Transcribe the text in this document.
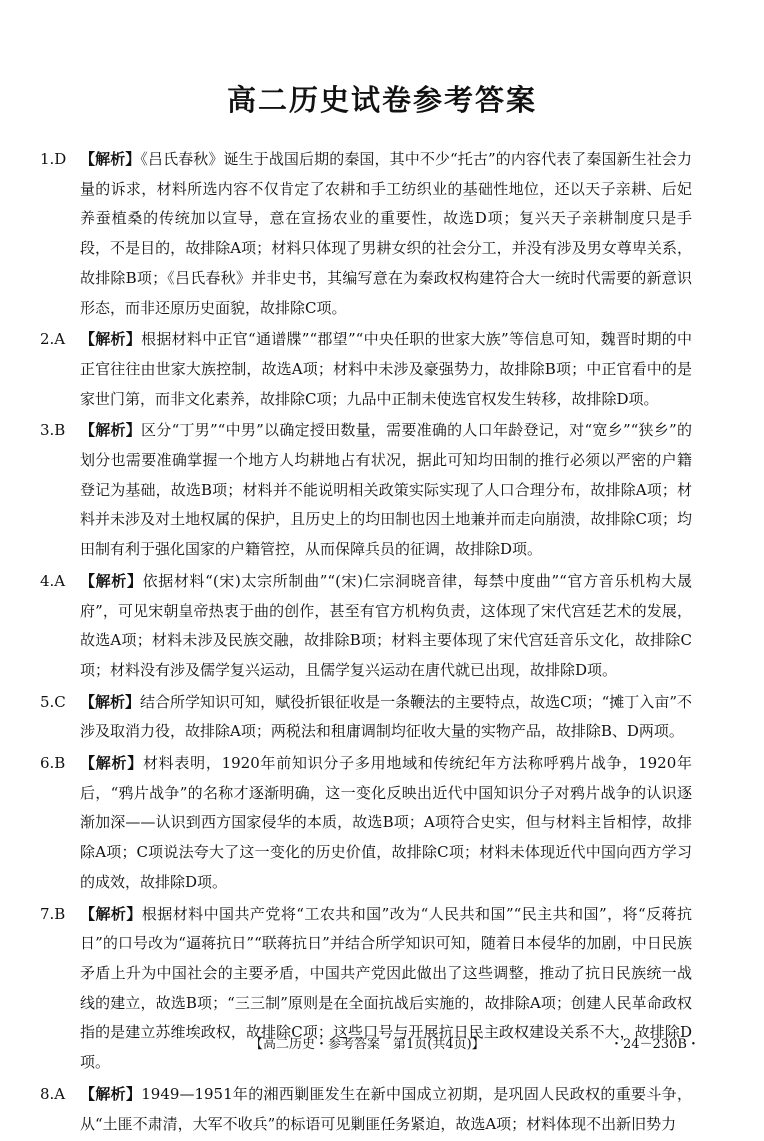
高二历史试卷参考答案
1.D 【解析】《吕氏春秋》诞生于战国后期的秦国，其中不少“托古”的内容代表了秦国新生社会力量的诉求，材料所选内容不仅肯定了农耕和手工纺织业的基础性地位，还以天子亲耕、后妃养蚕植桑的传统加以宣导，意在宣扬农业的重要性，故选D项；复兴天子亲耕制度只是手段，不是目的，故排除A项；材料只体现了男耕女织的社会分工，并没有涉及男女尊卑关系，故排除B项；《吕氏春秋》并非史书，其编写意在为秦政权构建符合大一统时代需要的新意识形态，而非还原历史面貌，故排除C项。
2.A 【解析】根据材料中正官“通谱牒”“郡望”“中央任职的世家大族”等信息可知，魏晋时期的中正官往往由世家大族控制，故选A项；材料中未涉及豪强势力，故排除B项；中正官看中的是家世门第，而非文化素养，故排除C项；九品中正制未使选官权发生转移，故排除D项。
3.B 【解析】区分“丁男”“中男”以确定授田数量，需要准确的人口年龄登记，对“宽乡”“狭乡”的划分也需要准确掌握一个地方人均耕地占有状况，据此可知均田制的推行必须以严密的户籍登记为基础，故选B项；材料并不能说明相关政策实际实现了人口合理分布，故排除A项；材料并未涉及对土地权属的保护，且历史上的均田制也因土地兼并而走向崩溃，故排除C项；均田制有利于强化国家的户籍管控，从而保障兵员的征调，故排除D项。
4.A 【解析】依据材料“(宋)太宗所制曲”“(宋)仁宗洞晓音律，每禁中度曲”“官方音乐机构大晟府”，可见宋朝皇帝热衷于曲的创作，甚至有官方机构负责，这体现了宋代宫廷艺术的发展，故选A项；材料未涉及民族交融，故排除B项；材料主要体现了宋代宫廷音乐文化，故排除C项；材料没有涉及儒学复兴运动，且儒学复兴运动在唐代就已出现，故排除D项。
5.C 【解析】结合所学知识可知，赋役折银征收是一条鞭法的主要特点，故选C项；“摊丁入亩”不涉及取消力役，故排除A项；两税法和租庸调制均征收大量的实物产品，故排除B、D两项。
6.B 【解析】材料表明，1920年前知识分子多用地域和传统纪年方法称呼鸦片战争，1920年后，“鸦片战争”的名称才逐渐明确，这一变化反映出近代中国知识分子对鸦片战争的认识逐渐加深——认识到西方国家侵华的本质，故选B项；A项符合史实，但与材料主旨相悖，故排除A项；C项说法夸大了这一变化的历史价值，故排除C项；材料未体现近代中国向西方学习的成效，故排除D项。
7.B 【解析】根据材料中国共产党将“工农共和国”改为“人民共和国”“民主共和国”，将“反蒋抗日”的口号改为“逼蒋抗日”“联蒋抗日”并结合所学知识可知，随着日本侵华的加剧，中日民族矛盾上升为中国社会的主要矛盾，中国共产党因此做出了这些调整，推动了抗日民族统一战线的建立，故选B项；“三三制”原则是在全面抗战后实施的，故排除A项；创建人民革命政权指的是建立苏维埃政权，故排除C项；这些口号与开展抗日民主政权建设关系不大，故排除D项。
8.A 【解析】1949—1951年的湘西剿匪发生在新中国成立初期，是巩固人民政权的重要斗争，从“土匪不肃清，大军不收兵”的标语可见剿匪任务紧迫，故选A项；材料体现不出新旧势力
【高二历史・参考答案　第1页(共4页)】	・24－230B・
